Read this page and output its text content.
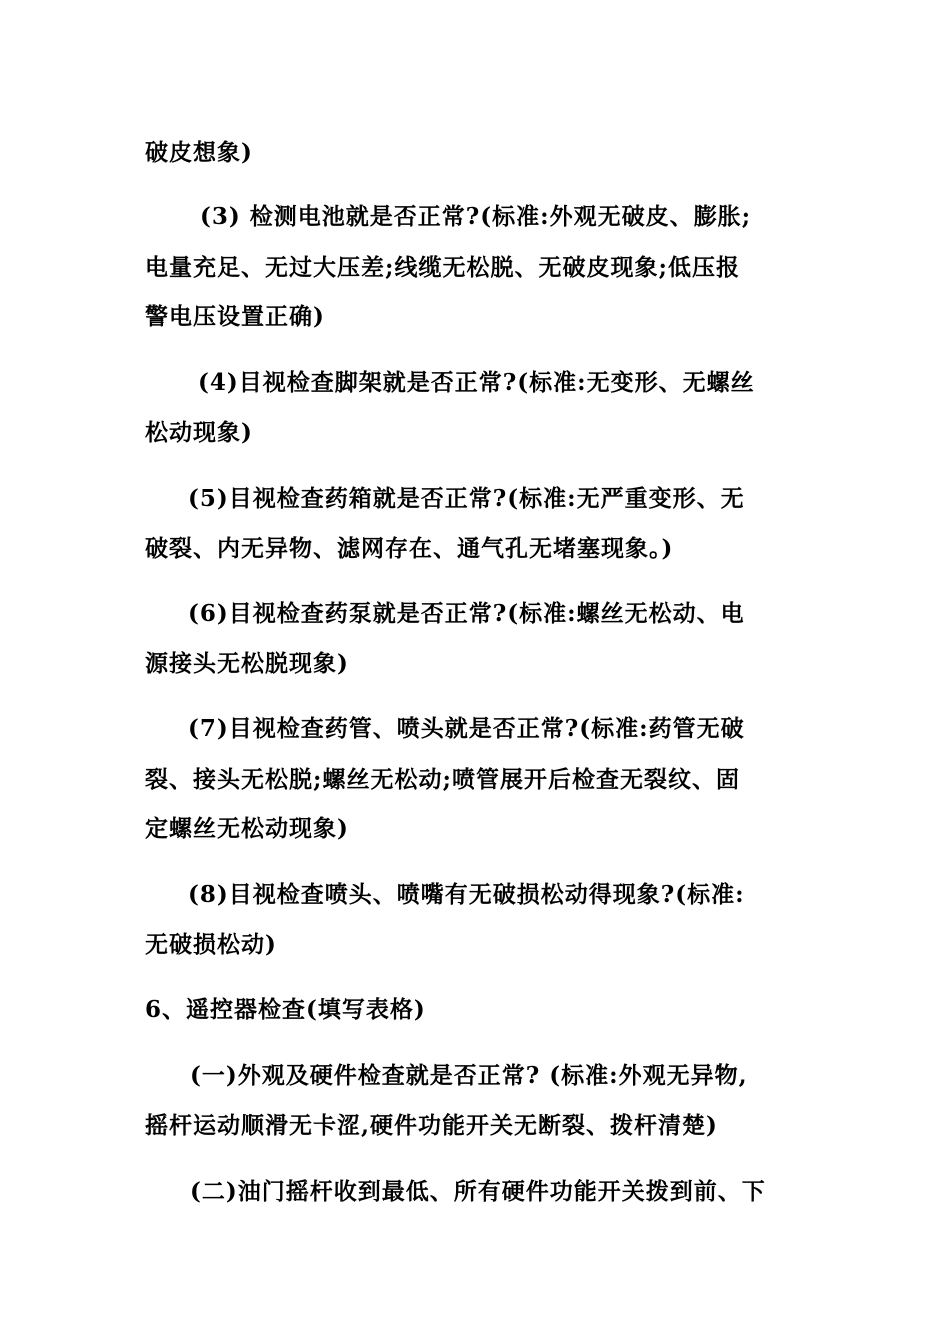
破皮想象)
(3) 检测电池就是否正常?(标准:外观无破皮、膨胀;
电量充足、无过大压差;线缆无松脱、无破皮现象;低压报
警电压设置正确)
(4)目视检查脚架就是否正常?(标准:无变形、无螺丝
松动现象)
(5)目视检查药箱就是否正常?(标准:无严重变形、无
破裂、内无异物、滤网存在、通气孔无堵塞现象。)
(6)目视检查药泵就是否正常?(标准:螺丝无松动、电
源接头无松脱现象)
(7)目视检查药管、喷头就是否正常?(标准:药管无破
裂、接头无松脱;螺丝无松动;喷管展开后检查无裂纹、固
定螺丝无松动现象)
(8)目视检查喷头、喷嘴有无破损松动得现象?(标准:
无破损松动)
6、遥控器检查(填写表格)
(一)外观及硬件检查就是否正常? (标准:外观无异物,
摇杆运动顺滑无卡涩,硬件功能开关无断裂、拨杆清楚)
(二)油门摇杆收到最低、所有硬件功能开关拨到前、下
